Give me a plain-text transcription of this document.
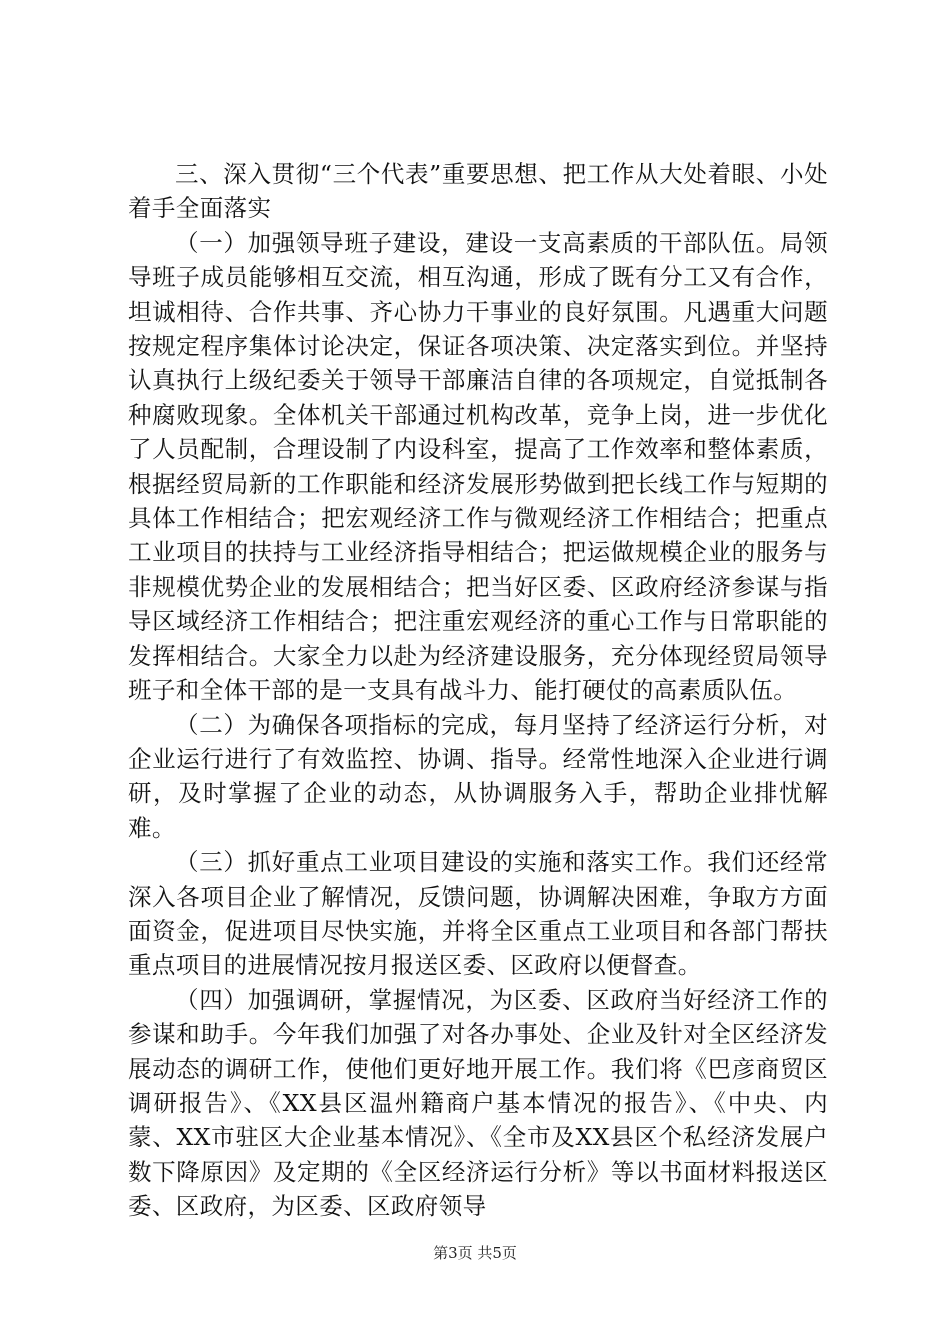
三、深入贯彻“三个代表”重要思想、把工作从大处着眼、小处着手全面落实

（一）加强领导班子建设，建设一支高素质的干部队伍。局领导班子成员能够相互交流，相互沟通，形成了既有分工又有合作，坦诚相待、合作共事、齐心协力干事业的良好氛围。凡遇重大问题按规定程序集体讨论决定，保证各项决策、决定落实到位。并坚持认真执行上级纪委关于领导干部廉洁自律的各项规定，自觉抵制各种腐败现象。全体机关干部通过机构改革，竞争上岗，进一步优化了人员配制，合理设制了内设科室，提高了工作效率和整体素质，根据经贸局新的工作职能和经济发展形势做到把长线工作与短期的具体工作相结合；把宏观经济工作与微观经济工作相结合；把重点工业项目的扶持与工业经济指导相结合；把运做规模企业的服务与非规模优势企业的发展相结合；把当好区委、区政府经济参谋与指导区域经济工作相结合；把注重宏观经济的重心工作与日常职能的发挥相结合。大家全力以赴为经济建设服务，充分体现经贸局领导班子和全体干部的是一支具有战斗力、能打硬仗的高素质队伍。

（二）为确保各项指标的完成，每月坚持了经济运行分析，对企业运行进行了有效监控、协调、指导。经常性地深入企业进行调研，及时掌握了企业的动态，从协调服务入手，帮助企业排忧解难。

（三）抓好重点工业项目建设的实施和落实工作。我们还经常深入各项目企业了解情况，反馈问题，协调解决困难，争取方方面面资金，促进项目尽快实施，并将全区重点工业项目和各部门帮扶重点项目的进展情况按月报送区委、区政府以便督查。

（四）加强调研，掌握情况，为区委、区政府当好经济工作的参谋和助手。今年我们加强了对各办事处、企业及针对全区经济发展动态的调研工作，使他们更好地开展工作。我们将《巴彦商贸区调研报告》、《XX县区温州籍商户基本情况的报告》、《中央、内蒙、XX市驻区大企业基本情况》、《全市及XX县区个私经济发展户数下降原因》及定期的《全区经济运行分析》等以书面材料报送区委、区政府，为区委、区政府领导

第3页 共5页
